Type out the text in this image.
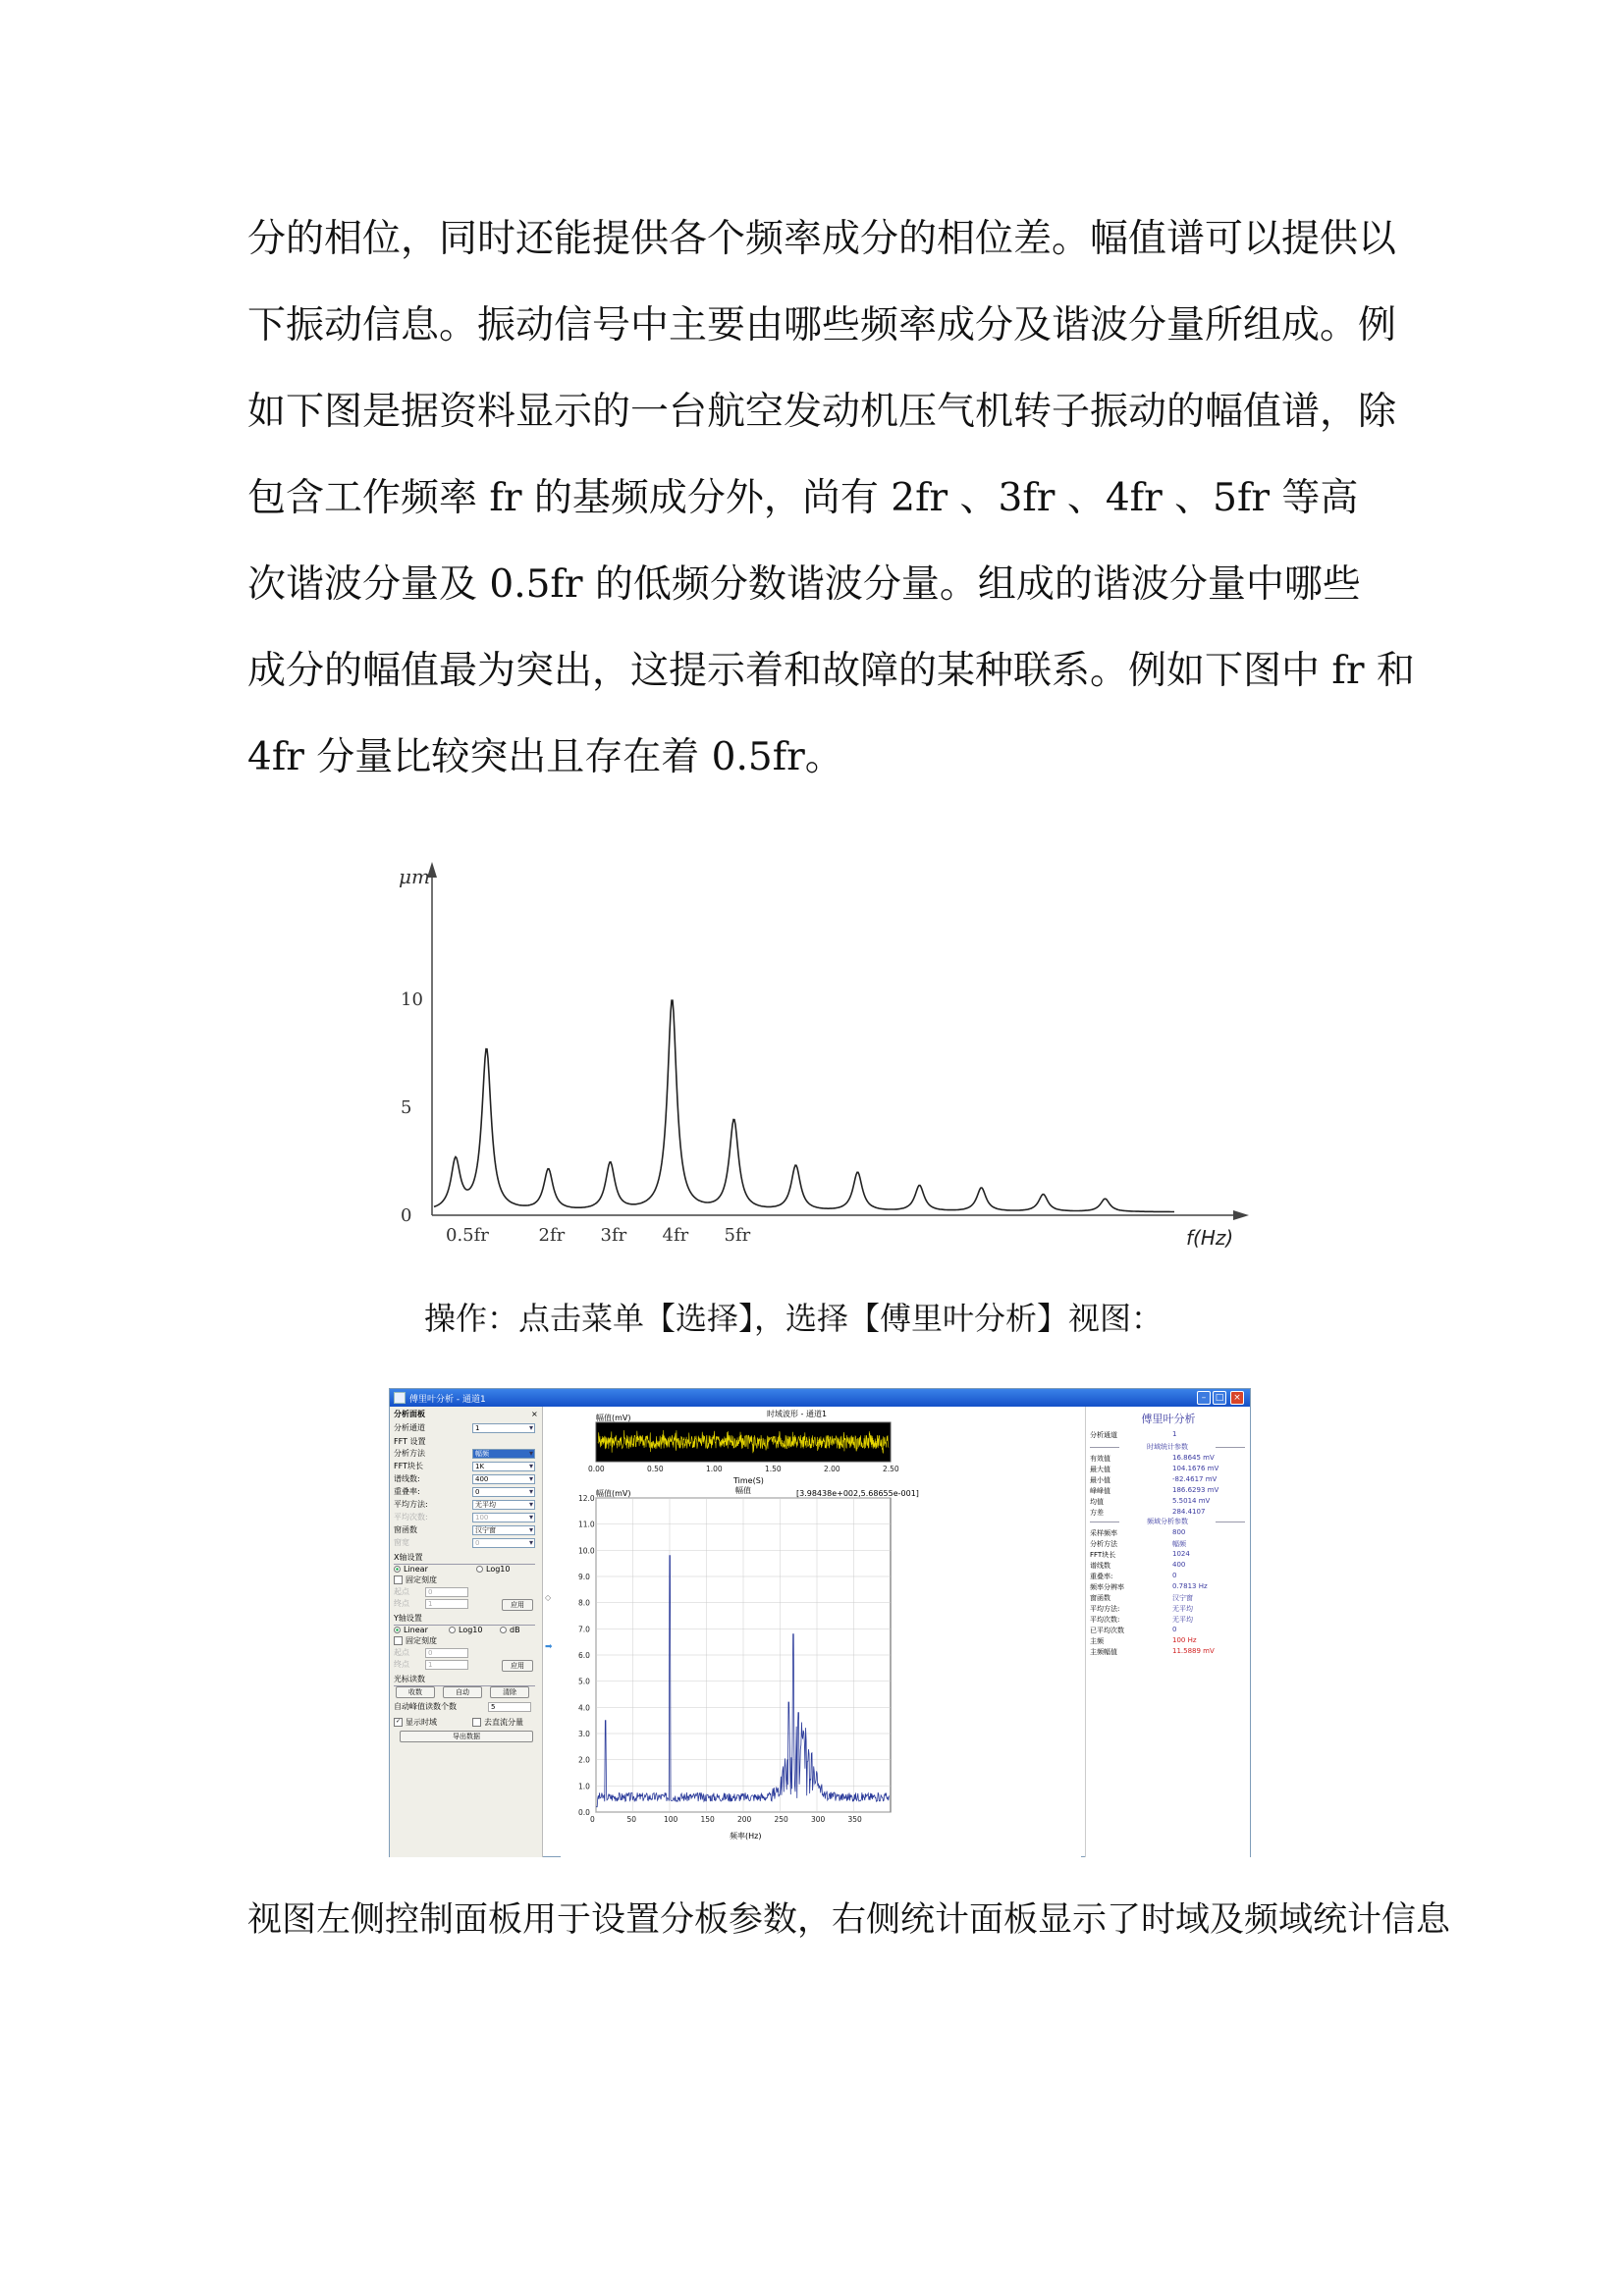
分的相位，同时还能提供各个频率成分的相位差。幅值谱可以提供以
下振动信息。振动信号中主要由哪些频率成分及谐波分量所组成。例
如下图是据资料显示的一台航空发动机压气机转子振动的幅值谱，除
包含工作频率 fr 的基频成分外，尚有 2fr 、3fr 、4fr 、5fr 等高
次谐波分量及 0.5fr 的低频分数谐波分量。组成的谐波分量中哪些
成分的幅值最为突出，这提示着和故障的某种联系。例如下图中 fr 和
4fr 分量比较突出且存在着 0.5fr。
μm
f(Hz)
0
5
10
0.5fr	2fr 3fr 4fr 5fr
操作：点击菜单【选择】，选择【傅里叶分析】视图：
傅里叶分析 - 通道1	–	□	×
分析面板	×
分析通道	1 ▾
FFT 设置
分析方法	幅频 ▾
FFT块长	1K ▾
谱线数:	400 ▾
重叠率:	0 ▾
平均方法:	无平均 ▾
平均次数:	100 ▾
窗函数	汉宁窗 ▾
窗宽	0 ▾
X轴设置
Linear	Log10
固定刻度
起点	0
终点	1	应用
Y轴设置
Linear	Log10	dB
固定刻度
起点	0
终点	1	应用
光标读数
收数	自动	清除
自动峰值读数个数	5
✓ 显示时域	去直流分量
导出数据
◇
➡
时域波形 - 通道1
幅值(mV)
0.00	0.50	1.00	1.50	2.00	2.50
Time(S)
幅值(mV)	幅值	[3.98438e+002,5.68655e-001]
0.0
1.0
2.0
3.0
4.0
5.0
6.0
7.0
8.0
9.0
10.0
11.0
12.0
0	50	100	150	200	250	300	350
频率(Hz)
傅里叶分析
分析通道	1
时域统计参数
有效值	16.8645 mV
最大值	104.1676 mV
最小值	-82.4617 mV
峰峰值	186.6293 mV
均值	5.5014 mV
方差	284.4107
频域分析参数
采样频率	800
分析方法	幅频
FFT块长	1024
谱线数	400
重叠率:	0
频率分辨率	0.7813 Hz
窗函数	汉宁窗
平均方法:	无平均
平均次数:	无平均
已平均次数	0
主频	100 Hz
主频幅值	11.5889 mV
视图左侧控制面板用于设置分板参数，右侧统计面板显示了时域及频域统计信息
